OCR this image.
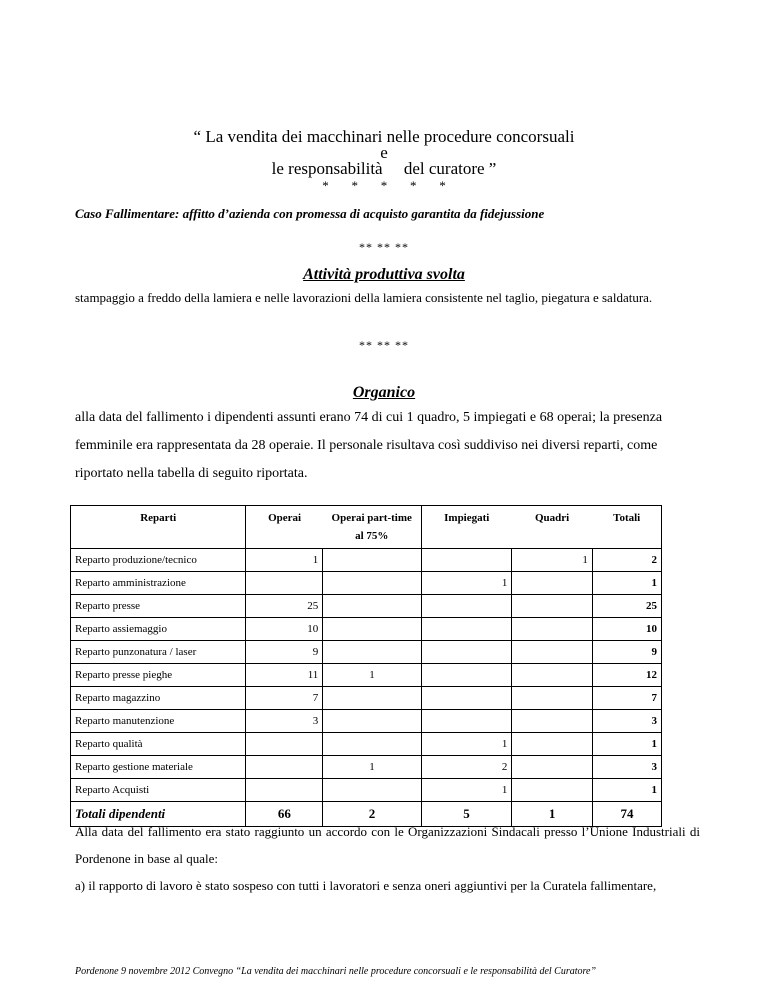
“ La vendita dei macchinari nelle procedure concorsuali
e
le responsabilità     del curatore ”
*       *       *       *       *
Caso Fallimentare: affitto d’azienda con promessa di acquisto garantita da fidejussione
** ** **
Attività produttiva svolta
stampaggio a freddo della lamiera e nelle lavorazioni della lamiera consistente nel taglio, piegatura e saldatura.
** ** **
Organico
alla data del fallimento i dipendenti assunti erano 74 di cui 1 quadro, 5 impiegati e 68 operai; la presenza femminile era rappresentata da 28 operaie. Il personale risultava così suddiviso nei diversi reparti, come riportato nella tabella di seguito riportata.
Reparti	Operai	Operai part-time
al 75%	Impiegati	Quadri	Totali
Reparto produzione/tecnico	1			1	2
Reparto amministrazione			1		1
Reparto presse	25				25
Reparto assiemaggio	10				10
Reparto punzonatura / laser	9				9
Reparto presse pieghe	11	1			12
Reparto magazzino	7				7
Reparto manutenzione	3				3
Reparto qualità			1		1
Reparto gestione materiale		1	2		3
Reparto Acquisti			1		1
Totali dipendenti	66	2	5	1	74
Alla data del fallimento era stato raggiunto un accordo con le Organizzazioni Sindacali presso l’Unione Industriali di Pordenone in base al quale:
a) il rapporto di lavoro è stato sospeso con tutti i lavoratori e senza oneri aggiuntivi per la Curatela fallimentare,
Pordenone 9 novembre 2012 Convegno “La vendita dei macchinari nelle procedure concorsuali e le responsabilità del Curatore”
